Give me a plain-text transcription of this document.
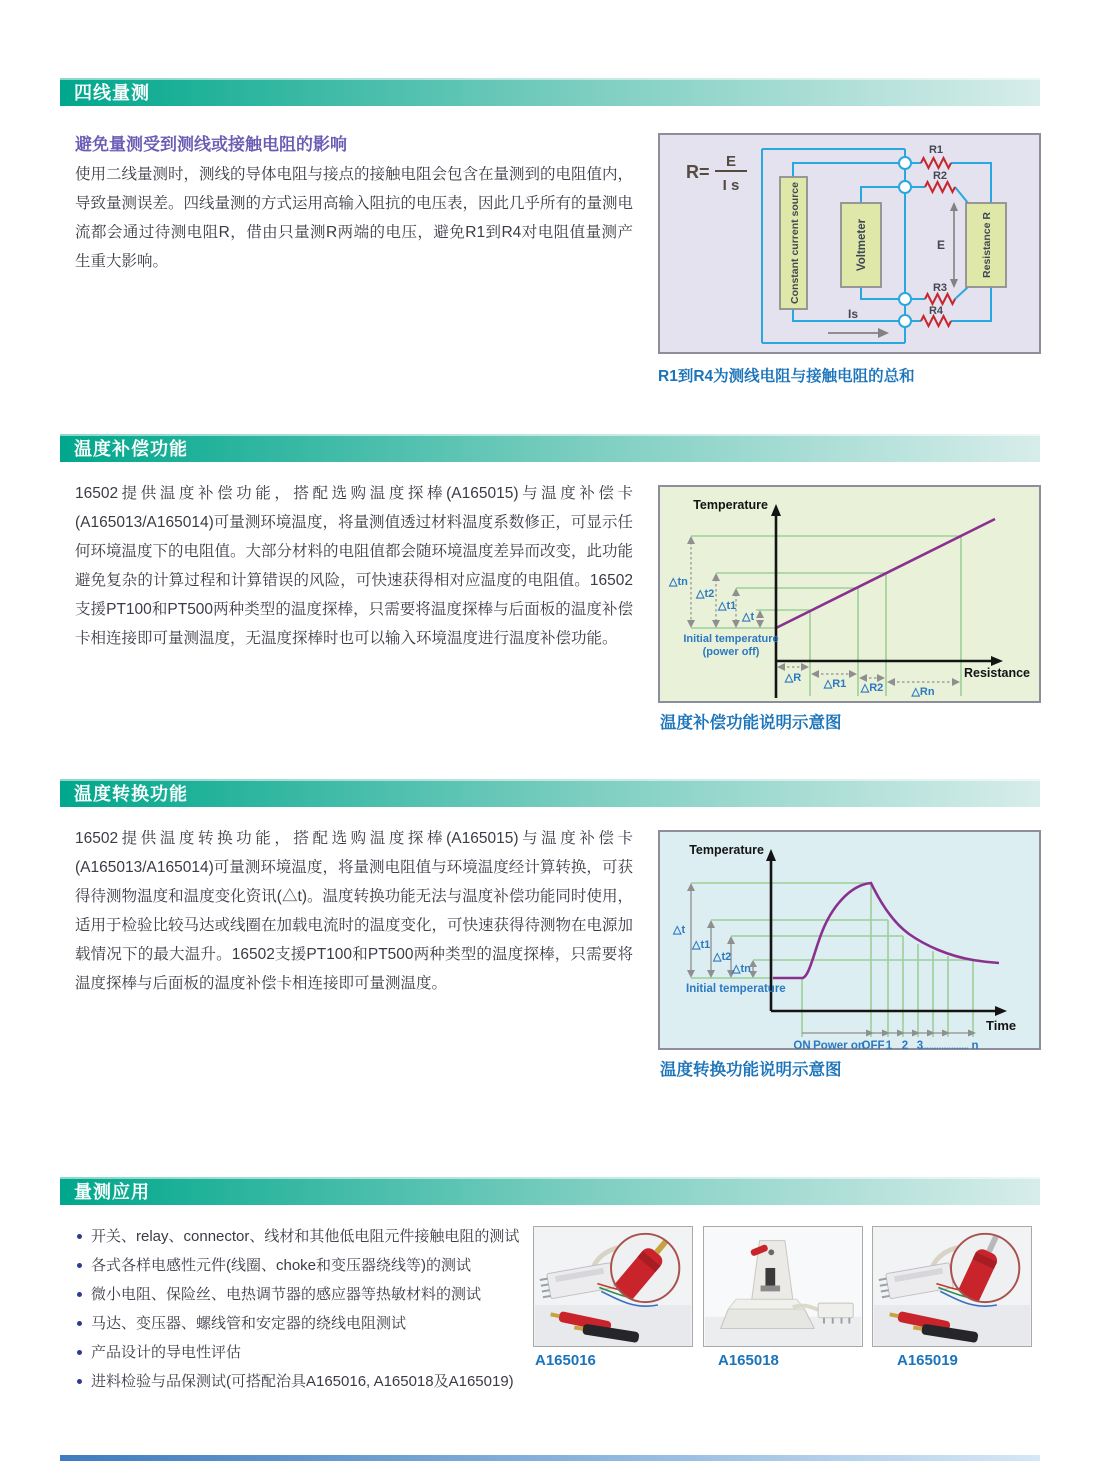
四线量测
避免量测受到测线或接触电阻的影响
使用二线量测时，测线的导体电阻与接点的接触电阻会包含在量测到的电阻值内，导致量测误差。四线量测的方式运用高输入阻抗的电压表，因此几乎所有的量测电流都会通过待测电阻R，借由只量测R两端的电压，避免R1到R4对电阻值量测产生重大影响。
R=
E
I s
R1
R2
R3
R4
Constant current source	Voltmeter	Resistance R
E
Is
R1到R4为测线电阻与接触电阻的总和
温度补偿功能
16502提供温度补偿功能，搭配选购温度探棒(A165015)与温度补偿卡(A165013/A165014)可量测环境温度，将量测值透过材料温度系数修正，可显示任何环境温度下的电阻值。大部分材料的电阻值都会随环境温度差异而改变，此功能避免复杂的计算过程和计算错误的风险，可快速获得相对应温度的电阻值。16502支援PT100和PT500两种类型的温度探棒，只需要将温度探棒与后面板的温度补偿卡相连接即可量测温度，无温度探棒时也可以输入环境温度进行温度补偿功能。
Temperature
Resistance
△tn
△t2
△t1
△t
Initial temperature
(power off)
△R △R1 △R2	△Rn
温度补偿功能说明示意图
温度转换功能
16502提供温度转换功能，搭配选购温度探棒(A165015)与温度补偿卡(A165013/A165014)可量测环境温度，将量测电阻值与环境温度经计算转换，可获得待测物温度和温度变化资讯(△t)。温度转换功能无法与温度补偿功能同时使用，适用于检验比较马达或线圈在加载电流时的温度变化，可快速获得待测物在电源加载情况下的最大温升。16502支援PT100和PT500两种类型的温度探棒，只需要将温度探棒与后面板的温度补偿卡相连接即可量测温度。
Temperature
Time
△t
△t1
△t2
△tn
Initial temperature
ON Power on
OFF 1 2 3
................... n
温度转换功能说明示意图
量测应用
开关、relay、connector、线材和其他低电阻元件接触电阻的测试
各式各样电感性元件(线圈、choke和变压器绕线等)的测试
微小电阻、保险丝、电热调节器的感应器等热敏材料的测试
马达、变压器、螺线管和安定器的绕线电阻测试
产品设计的导电性评估
进料检验与品保测试(可搭配治具A165016, A165018及A165019)
A165016	A165018	A165019
